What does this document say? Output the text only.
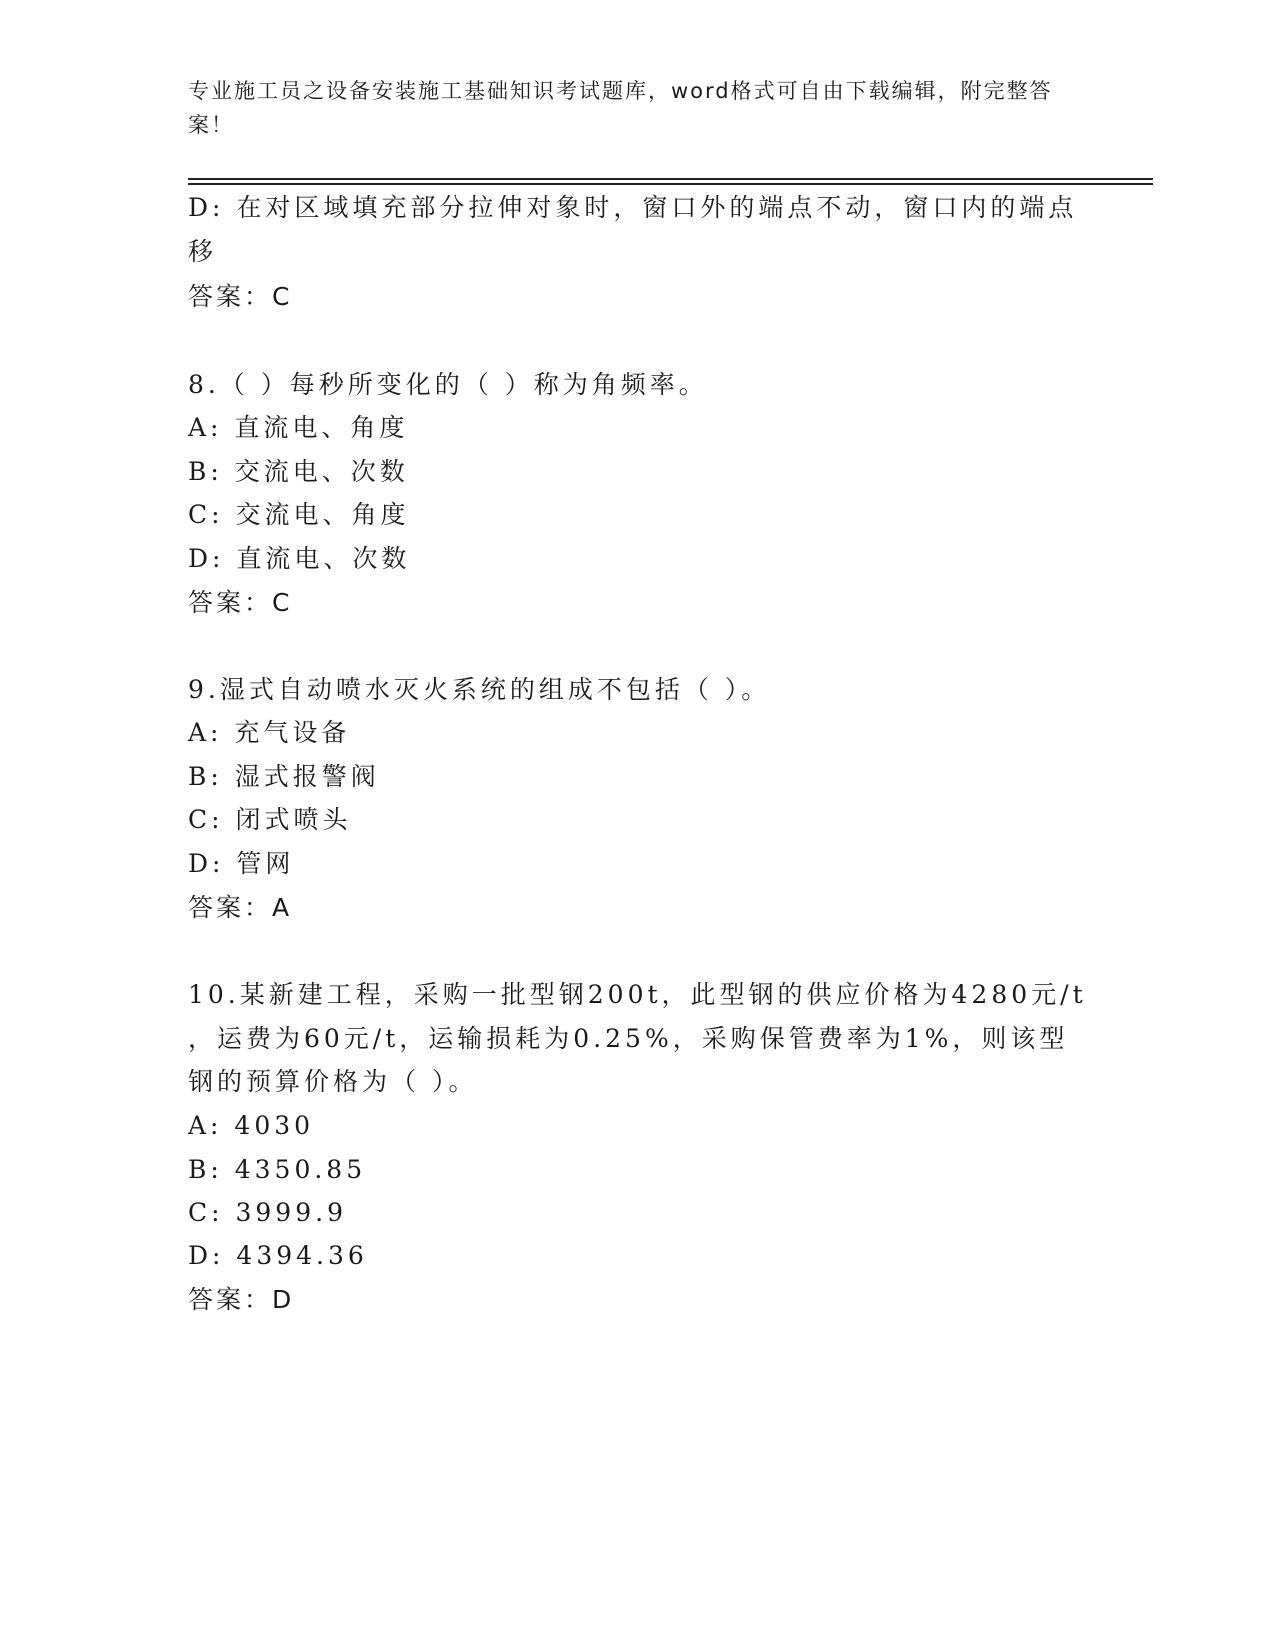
专业施工员之设备安装施工基础知识考试题库，word格式可自由下载编辑，附完整答案！
D: 在对区域填充部分拉伸对象时，窗口外的端点不动，窗口内的端点
移
答案：C
8.（ ）每秒所变化的（ ）称为角频率。
A: 直流电、角度
B: 交流电、次数
C: 交流电、角度
D: 直流电、次数
答案：C
9.湿式自动喷水灭火系统的组成不包括（ ）。
A: 充气设备
B: 湿式报警阀
C: 闭式喷头
D: 管网
答案：A
10.某新建工程，采购一批型钢200t，此型钢的供应价格为4280元/t
，运费为60元/t，运输损耗为0.25%，采购保管费率为1%，则该型
钢的预算价格为（ ）。
A: 4030
B: 4350.85
C: 3999.9
D: 4394.36
答案：D
